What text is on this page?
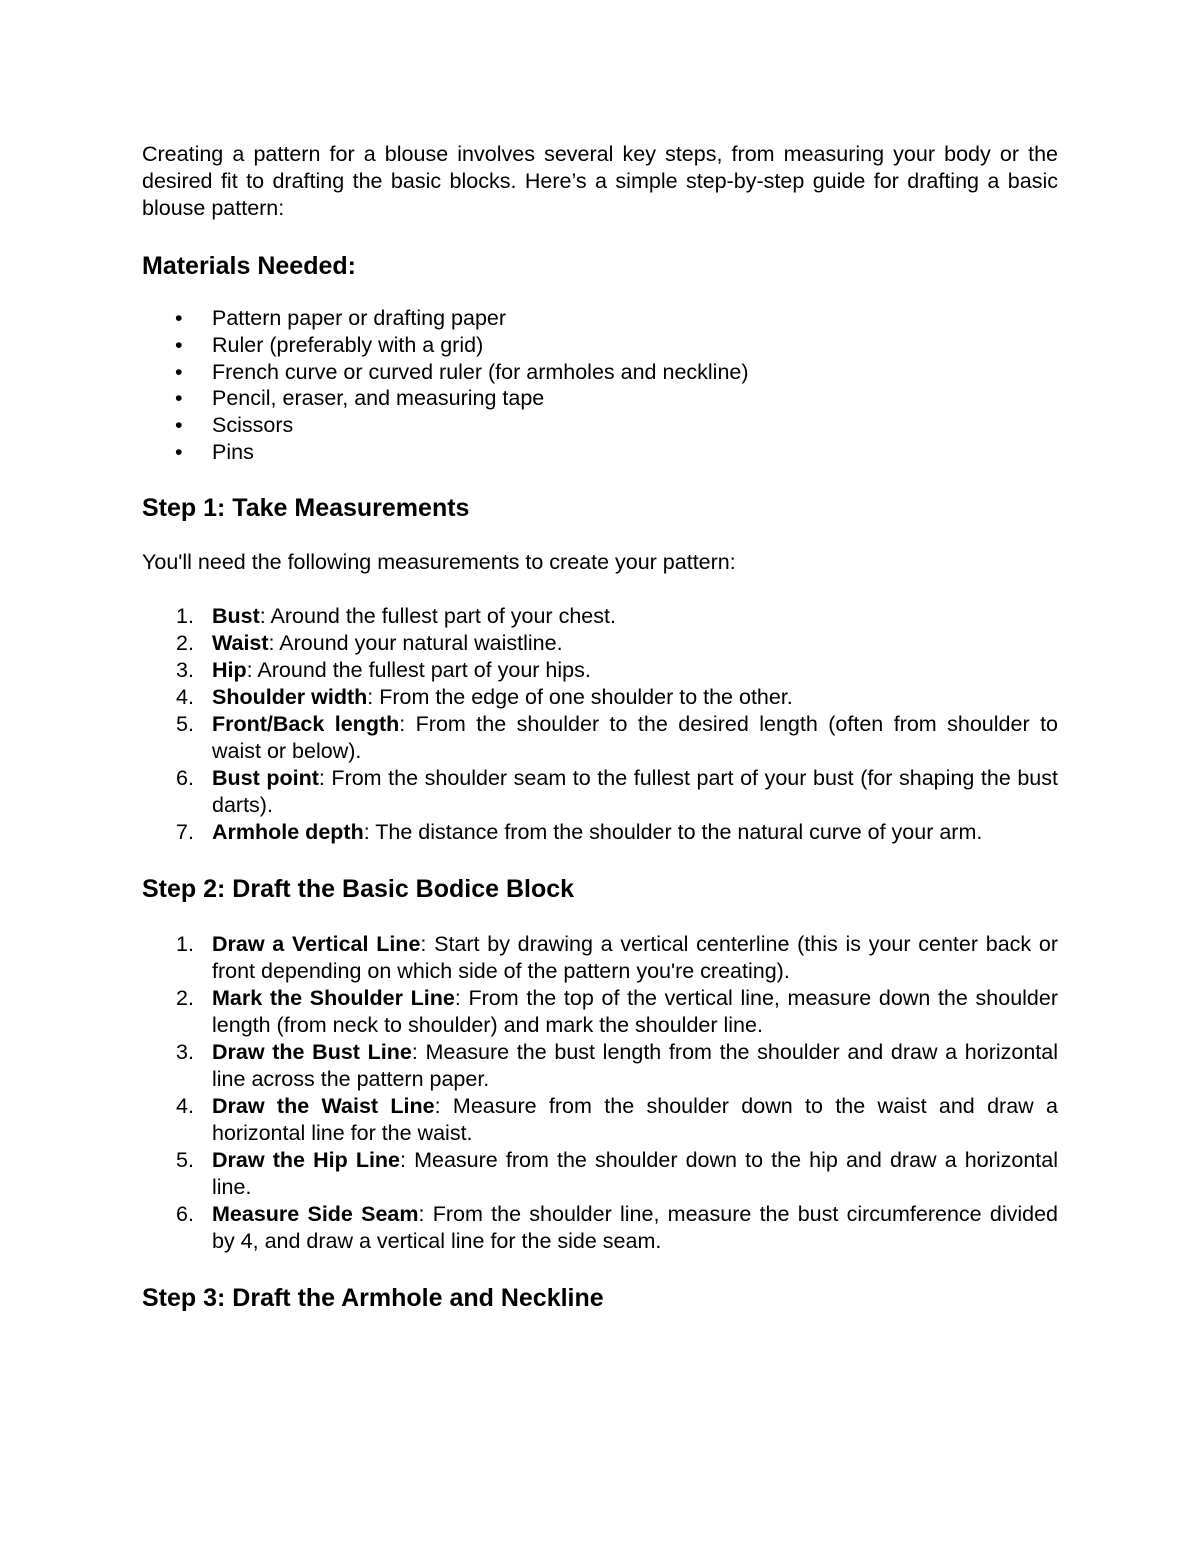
Creating a pattern for a blouse involves several key steps, from measuring your body or the desired fit to drafting the basic blocks. Here’s a simple step-by-step guide for drafting a basic blouse pattern:

Materials Needed:
• Pattern paper or drafting paper
• Ruler (preferably with a grid)
• French curve or curved ruler (for armholes and neckline)
• Pencil, eraser, and measuring tape
• Scissors
• Pins
Step 1: Take Measurements

You'll need the following measurements to create your pattern:

1. Bust: Around the fullest part of your chest.
2. Waist: Around your natural waistline.
3. Hip: Around the fullest part of your hips.
4. Shoulder width: From the edge of one shoulder to the other.
5. Front/Back length: From the shoulder to the desired length (often from shoulder to waist or below).
6. Bust point: From the shoulder seam to the fullest part of your bust (for shaping the bust darts).
7. Armhole depth: The distance from the shoulder to the natural curve of your arm.
Step 2: Draft the Basic Bodice Block
1. Draw a Vertical Line: Start by drawing a vertical centerline (this is your center back or front depending on which side of the pattern you're creating).
2. Mark the Shoulder Line: From the top of the vertical line, measure down the shoulder length (from neck to shoulder) and mark the shoulder line.
3. Draw the Bust Line: Measure the bust length from the shoulder and draw a horizontal line across the pattern paper.
4. Draw the Waist Line: Measure from the shoulder down to the waist and draw a horizontal line for the waist.
5. Draw the Hip Line: Measure from the shoulder down to the hip and draw a horizontal line.
6. Measure Side Seam: From the shoulder line, measure the bust circumference divided by 4, and draw a vertical line for the side seam.
Step 3: Draft the Armhole and Neckline
